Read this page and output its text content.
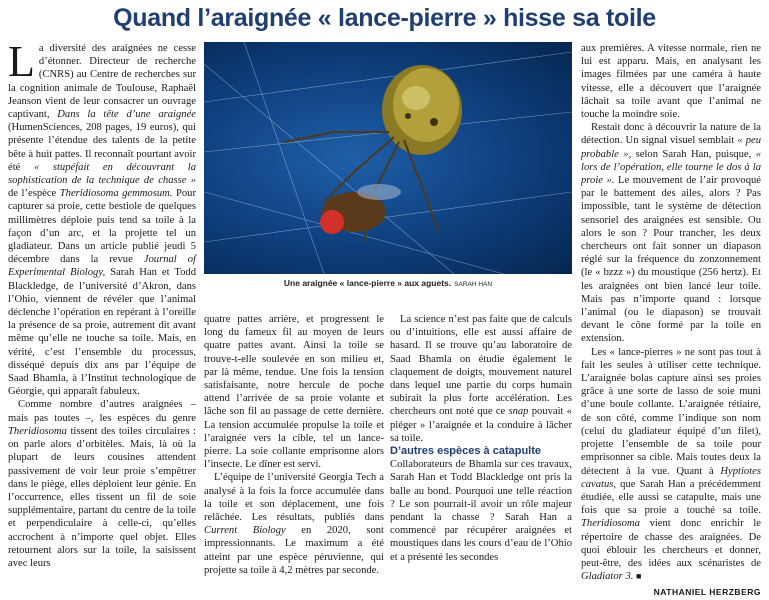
Quand l’araignée « lance-pierre » hisse sa toile
Une araignée « lance-pierre » aux aguets. SARAH HAN

La diversité des araignées ne cesse d’étonner. Directeur de recherche (CNRS) au Centre de recherches sur la cognition animale de Toulouse, Raphaël Jeanson vient de leur consacrer un ouvrage captivant, Dans la tête d’une araignée (HumenSciences, 208 pages, 19 euros), qui présente l’étendue des talents de la petite bête à huit pattes. Il reconnaît pourtant avoir été « stupéfait en découvrant la sophistication de la technique de chasse » de l’espèce Theridiosoma gemmosum. Pour capturer sa proie, cette bestiole de quelques millimètres déploie puis tend sa toile à la façon d’un arc, et la projette tel un gladiateur. Dans un article publié jeudi 5 décembre dans la revue Journal of Experimental Biology, Sarah Han et Todd Blackledge, de l’université d’Akron, dans l’Ohio, viennent de révéler que l’animal déclenche l’opération en repérant à l’oreille la présence de sa proie, autrement dit avant même qu’elle ne touche sa toile. Mais, en vérité, c’est l’ensemble du processus, disséqué depuis dix ans par l’équipe de Saad Bhamla, à l’Institut technologique de Géorgie, qui apparaît fabuleux.

Comme nombre d’autres araignées – mais pas toutes –, les espèces du genre Theridiosoma tissent des toiles circulaires : on parle alors d’orbitèles. Mais, là où la plupart de leurs cousines attendent passivement de voir leur proie s’empêtrer dans le piège, elles déploient leur génie. En l’occurrence, elles tissent un fil de soie supplémentaire, partant du centre de la toile et perpendiculaire à celle-ci, qu’elles accrochent à n’importe quel objet. Elles retournent alors sur la toile, la saisissent avec leurs

quatre pattes arrière, et progressent le long du fameux fil au moyen de leurs quatre pattes avant. Ainsi la toile se trouve-t-elle soulevée en son milieu et, par là même, tendue. Une fois la tension satisfaisante, notre hercule de poche attend l’arrivée de sa proie volante et lâche son fil au passage de cette dernière. La tension accumulée propulse la toile et l’araignée vers la cible, tel un lance-pierre. La soie collante emprisonne alors l’insecte. Le dîner est servi.

L’équipe de l’université Georgia Tech a analysé à la fois la force accumulée dans la toile et son déplacement, une fois relâchée. Les résultats, publiés dans Current Biology en 2020, sont impressionnants. Le maximum a été atteint par une espèce péruvienne, qui projette sa toile à 4,2 mètres par seconde.

La science n’est pas faite que de calculs ou d’intuitions, elle est aussi affaire de hasard. Il se trouve qu’au laboratoire de Saad Bhamla on étudie également le claquement de doigts, mouvement naturel dans lequel une partie du corps humain subirait la plus forte accélération. Les chercheurs ont noté que ce snap pouvait « piéger » l’araignée et la conduire à lâcher sa toile.

D’autres espèces à catapulte

Collaborateurs de Bhamla sur ces travaux, Sarah Han et Todd Blackledge ont pris la balle au bond. Pourquoi une telle réaction ? Le son pourrait-il avoir un rôle majeur pendant la chasse ? Sarah Han a commencé par récupérer araignées et moustiques dans les cours d’eau de l’Ohio et a présenté les secondes

aux premières. A vitesse normale, rien ne lui est apparu. Mais, en analysant les images filmées par une caméra à haute vitesse, elle a découvert que l’araignée lâchait sa toile avant que l’animal ne touche la moindre soie.

Restait donc à découvrir la nature de la détection. Un signal visuel semblait « peu probable », selon Sarah Han, puisque, « lors de l’opération, elle tourne le dos à la proie ». Le mouvement de l’air provoqué par le battement des ailes, alors ? Pas impossible, tant le système de détection sensoriel des araignées est sensible. Ou alors le son ? Pour trancher, les deux chercheurs ont fait sonner un diapason réglé sur la fréquence du zonzonnement (le « bzzz ») du moustique (256 hertz). Et les araignées ont bien lancé leur toile. Mais pas n’importe quand : lorsque l’animal (ou le diapason) se trouvait devant le cône formé par la toile en extension.

Les « lance-pierres » ne sont pas tout à fait les seules à utiliser cette technique. L’araignée bolas capture ainsi ses proies grâce à une sorte de lasso de soie muni d’une boule collante. L’araignée rétiaire, de son côté, comme l’indique son nom (celui du gladiateur équipé d’un filet), projette l’ensemble de sa toile pour emprisonner sa cible. Mais toutes deux la détectent à la vue. Quant à Hyptiotes cavatus, que Sarah Han a précédemment étudiée, elle aussi se catapulte, mais une fois que sa proie a touché sa toile. Theridiosoma vient donc enrichir le répertoire de chasse des araignées. De quoi éblouir les chercheurs et donner, peut-être, des idées aux scénaristes de Gladiator 3. ■

NATHANIEL HERZBERG
